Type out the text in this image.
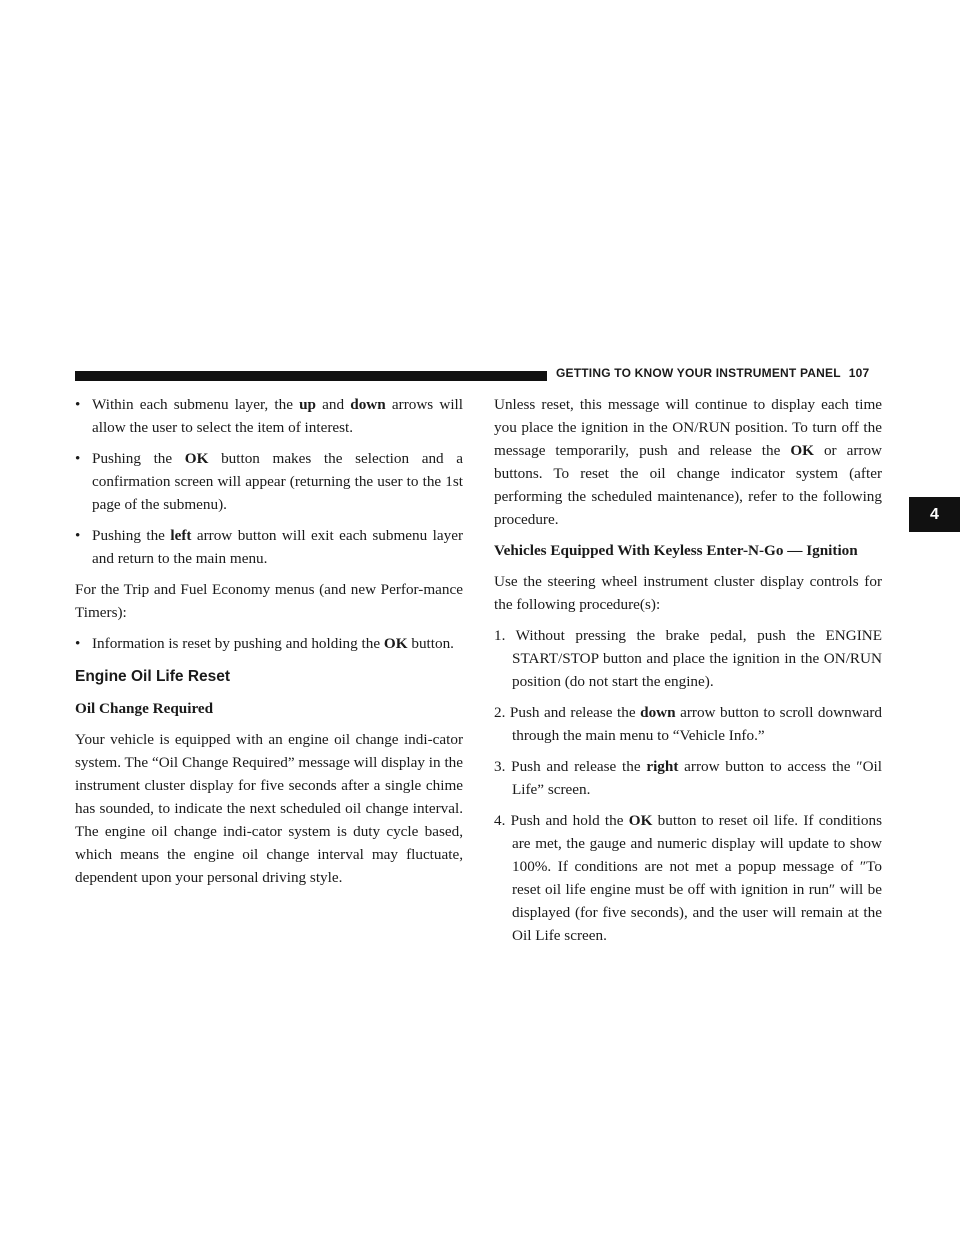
GETTING TO KNOW YOUR INSTRUMENT PANEL 107
4
• Within each submenu layer, the up and down arrows will allow the user to select the item of interest.
• Pushing the OK button makes the selection and a confirmation screen will appear (returning the user to the 1st page of the submenu).
• Pushing the left arrow button will exit each submenu layer and return to the main menu.

For the Trip and Fuel Economy menus (and new Perfor-mance Timers):

• Information is reset by pushing and holding the OK button.
Engine Oil Life Reset
Oil Change Required

Your vehicle is equipped with an engine oil change indi-cator system. The “Oil Change Required” message will display in the instrument cluster display for five seconds after a single chime has sounded, to indicate the next scheduled oil change interval. The engine oil change indi-cator system is duty cycle based, which means the engine oil change interval may fluctuate, dependent upon your personal driving style.

Unless reset, this message will continue to display each time you place the ignition in the ON/RUN position. To turn off the message temporarily, push and release the OK or arrow buttons. To reset the oil change indicator system (after performing the scheduled maintenance), refer to the following procedure.

Vehicles Equipped With Keyless Enter-N-Go — Ignition

Use the steering wheel instrument cluster display controls for the following procedure(s):

1. Without pressing the brake pedal, push the ENGINE START/STOP button and place the ignition in the ON/RUN position (do not start the engine).
2. Push and release the down arrow button to scroll downward through the main menu to “Vehicle Info.”
3. Push and release the right arrow button to access the ″Oil Life” screen.
4. Push and hold the OK button to reset oil life. If conditions are met, the gauge and numeric display will update to show 100%. If conditions are not met a popup message of ″To reset oil life engine must be off with ignition in run″ will be displayed (for five seconds), and the user will remain at the Oil Life screen.
